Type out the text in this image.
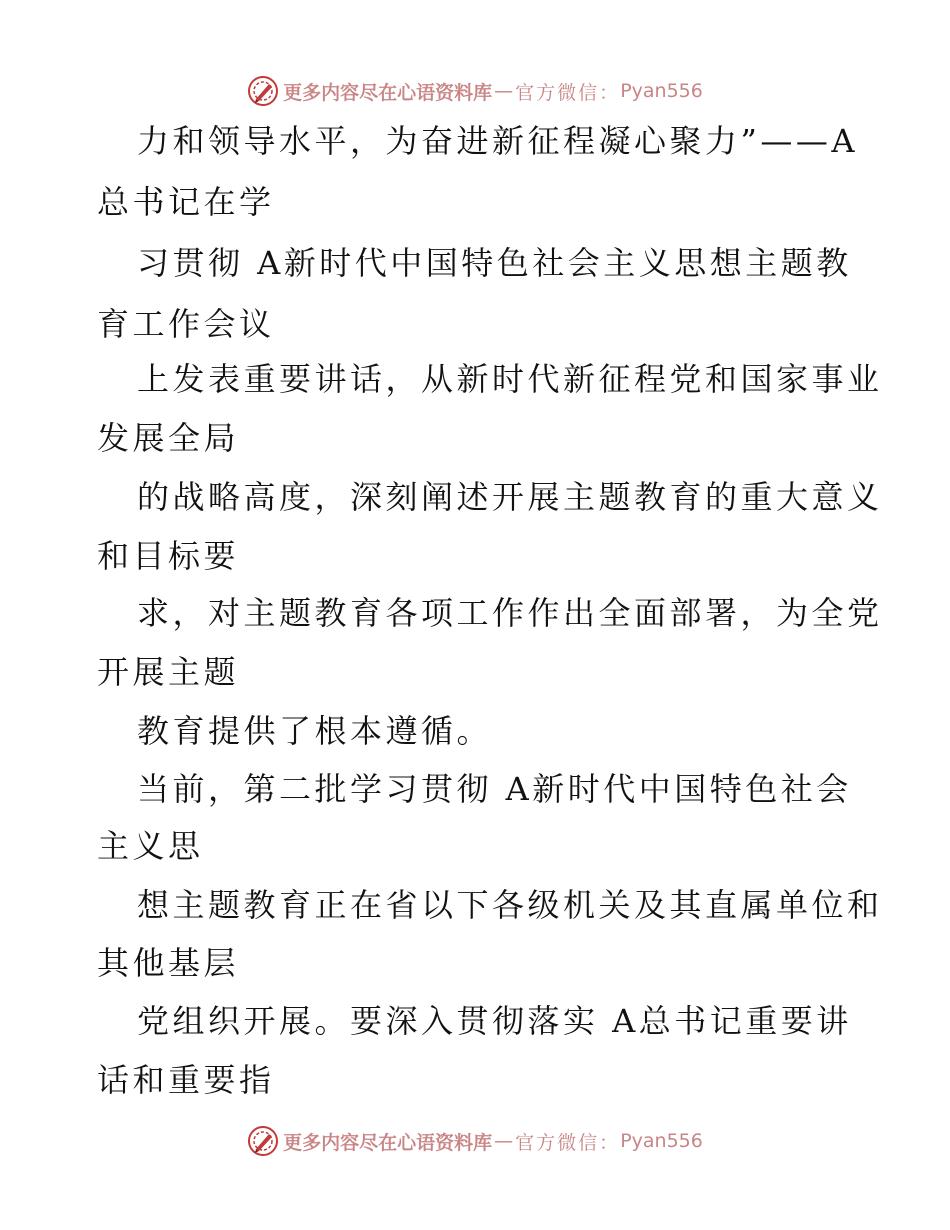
更多内容尽在心语资料库 — 官方微信： Pyan556
力和领导水平，为奋进新征程凝心聚力”——A
总书记在学
习贯彻 A新时代中国特色社会主义思想主题教
育工作会议
上发表重要讲话，从新时代新征程党和国家事业
发展全局
的战略高度，深刻阐述开展主题教育的重大意义
和目标要
求，对主题教育各项工作作出全面部署，为全党
开展主题
教育提供了根本遵循。
当前，第二批学习贯彻 A新时代中国特色社会
主义思
想主题教育正在省以下各级机关及其直属单位和
其他基层
党组织开展。要深入贯彻落实 A总书记重要讲
话和重要指
更多内容尽在心语资料库 — 官方微信： Pyan556
